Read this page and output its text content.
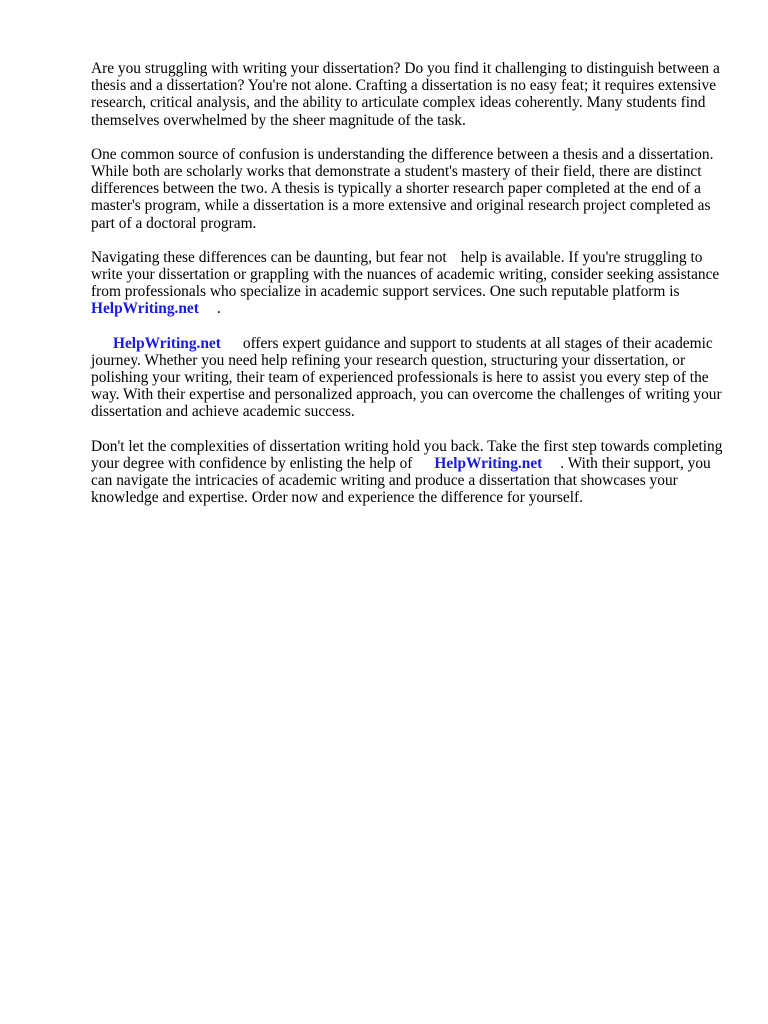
Are you struggling with writing your dissertation? Do you find it challenging to distinguish between a thesis and a dissertation? You're not alone. Crafting a dissertation is no easy feat; it requires extensive research, critical analysis, and the ability to articulate complex ideas coherently. Many students find themselves overwhelmed by the sheer magnitude of the task.

One common source of confusion is understanding the difference between a thesis and a dissertation. While both are scholarly works that demonstrate a student's mastery of their field, there are distinct differences between the two. A thesis is typically a shorter research paper completed at the end of a master's program, while a dissertation is a more extensive and original research project completed as part of a doctoral program.

Navigating these differences can be daunting, but fear not help is available. If you're struggling to write your dissertation or grappling with the nuances of academic writing, consider seeking assistance from professionals who specialize in academic support services. One such reputable platform isHelpWriting.net .

HelpWriting.net offers expert guidance and support to students at all stages of their academic journey. Whether you need help refining your research question, structuring your dissertation, or polishing your writing, their team of experienced professionals is here to assist you every step of the way. With their expertise and personalized approach, you can overcome the challenges of writing your dissertation and achieve academic success.

Don't let the complexities of dissertation writing hold you back. Take the first step towards completing your degree with confidence by enlisting the help of HelpWriting.net . With their support, you can navigate the intricacies of academic writing and produce a dissertation that showcases your knowledge and expertise. Order now and experience the difference for yourself.
